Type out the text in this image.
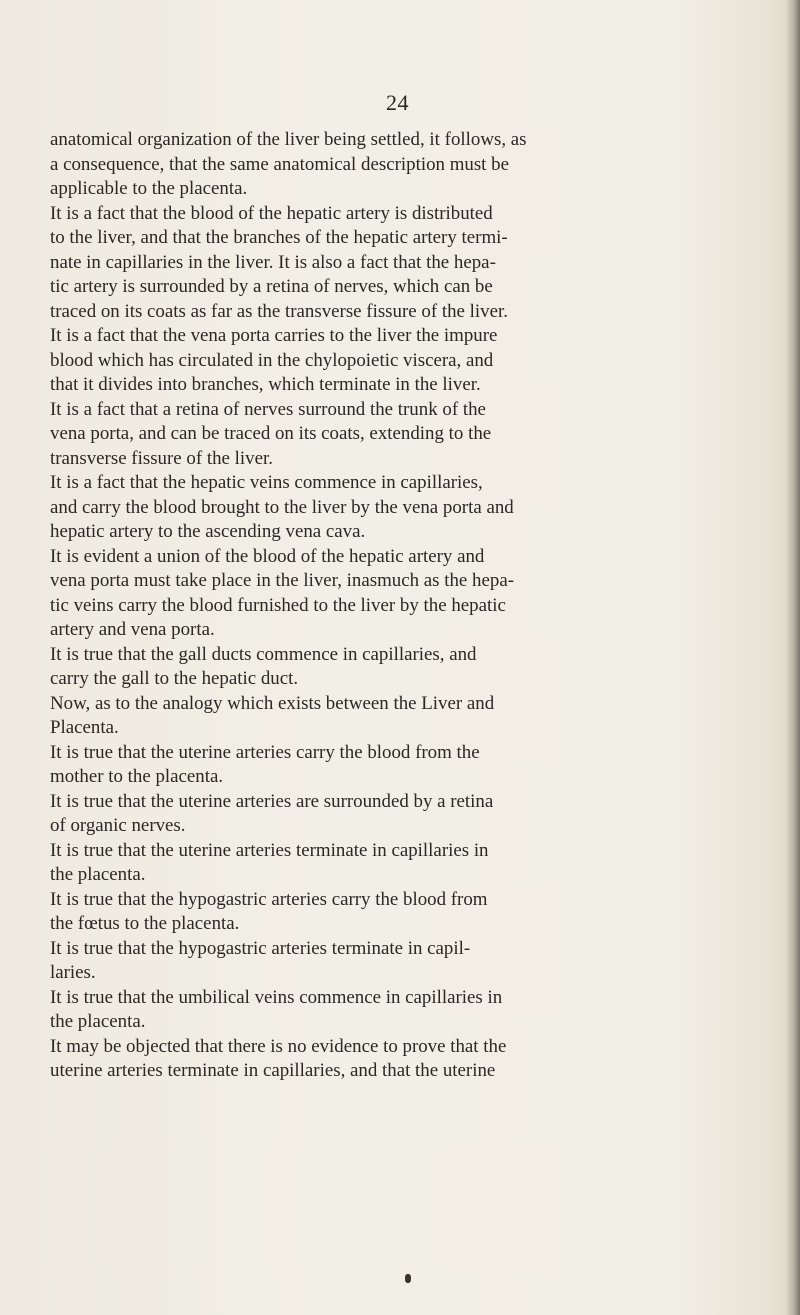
24

anatomical organization of the liver being settled, it follows, as

a consequence, that the same anatomical description must be

applicable to the placenta.

It is a fact that the blood of the hepatic artery is distributed

to the liver, and that the branches of the hepatic artery termi-

nate in capillaries in the liver. It is also a fact that the hepa-

tic artery is surrounded by a retina of nerves, which can be

traced on its coats as far as the transverse fissure of the liver.

It is a fact that the vena porta carries to the liver the impure

blood which has circulated in the chylopoietic viscera, and

that it divides into branches, which terminate in the liver.

It is a fact that a retina of nerves surround the trunk of the

vena porta, and can be traced on its coats, extending to the

transverse fissure of the liver.

It is a fact that the hepatic veins commence in capillaries,

and carry the blood brought to the liver by the vena porta and

hepatic artery to the ascending vena cava.

It is evident a union of the blood of the hepatic artery and

vena porta must take place in the liver, inasmuch as the hepa-

tic veins carry the blood furnished to the liver by the hepatic

artery and vena porta.

It is true that the gall ducts commence in capillaries, and

carry the gall to the hepatic duct.

Now, as to the analogy which exists between the Liver and

Placenta.

It is true that the uterine arteries carry the blood from the

mother to the placenta.

It is true that the uterine arteries are surrounded by a retina

of organic nerves.

It is true that the uterine arteries terminate in capillaries in

the placenta.

It is true that the hypogastric arteries carry the blood from

the fœtus to the placenta.

It is true that the hypogastric arteries terminate in capil-

laries.

It is true that the umbilical veins commence in capillaries in

the placenta.

It may be objected that there is no evidence to prove that the

uterine arteries terminate in capillaries, and that the uterine
